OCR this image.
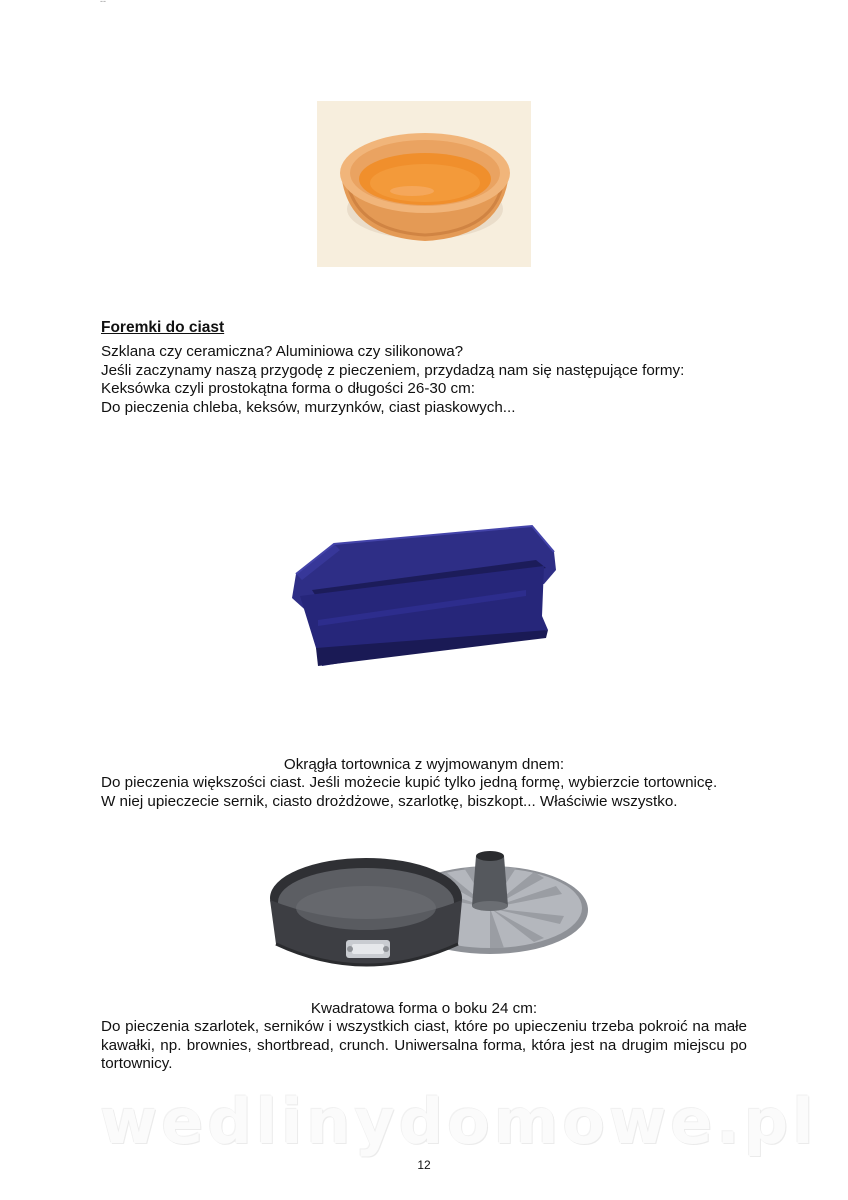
--
Foremki do ciast

Szklana czy ceramiczna? Aluminiowa czy silikonowa?

Jeśli zaczynamy naszą przygodę z pieczeniem, przydadzą nam się następujące formy:

Keksówka czyli prostokątna forma o długości 26-30 cm:

Do pieczenia chleba, keksów, murzynków, ciast piaskowych...

Okrągła tortownica z wyjmowanym dnem:

Do pieczenia większości ciast. Jeśli możecie kupić tylko jedną formę, wybierzcie tortownicę.

W niej upieczecie sernik, ciasto drożdżowe, szarlotkę, biszkopt... Właściwie wszystko.

Kwadratowa forma o boku 24 cm:

Do pieczenia szarlotek, serników i wszystkich ciast, które po upieczeniu trzeba pokroić na małe kawałki, np. brownies, shortbread, crunch. Uniwersalna forma, która jest na drugim miejscu po tortownicy.

wedlinydomowe.pl
12
